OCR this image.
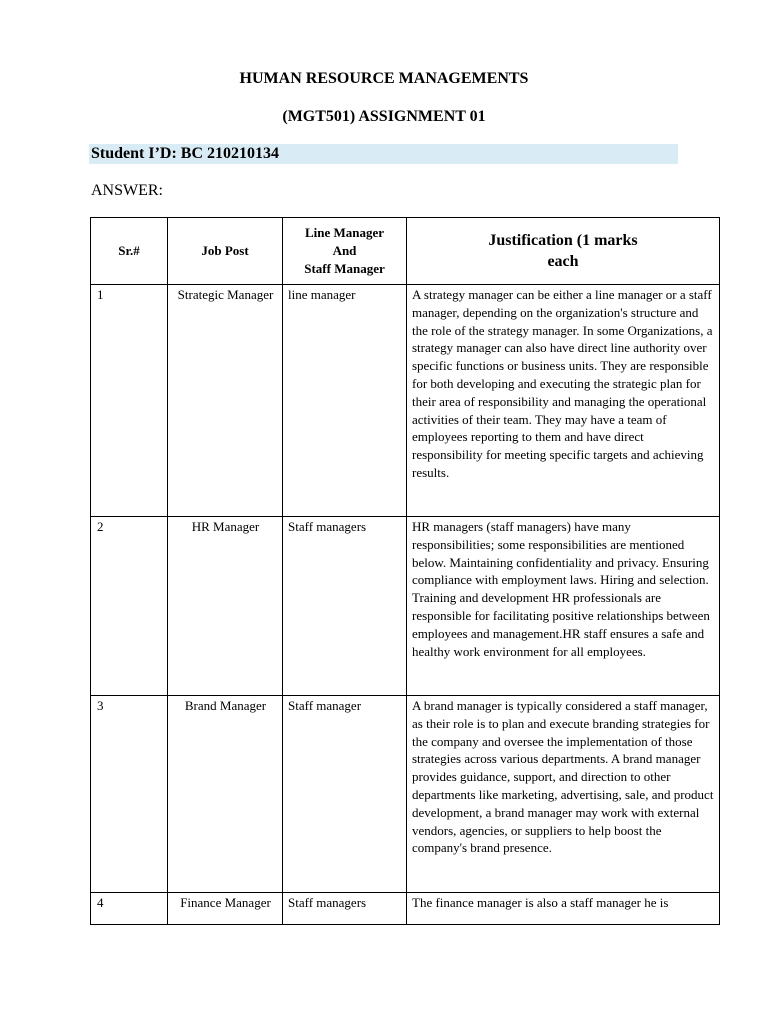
HUMAN RESOURCE MANAGEMENTS

(MGT501) ASSIGNMENT 01

Student I’D: BC 210210134
ANSWER:
Sr.#	Job Post	Line Manager
And
Staff Manager	Justification (1 marks
each
1	Strategic Manager	line manager	A strategy manager can be either a line manager or a staff manager, depending on the organization's structure and the role of the strategy manager. In some Organizations, a strategy manager can also have direct line authority over specific functions or business units. They are responsible for both developing and executing the strategic plan for their area of responsibility and managing the operational activities of their team. They may have a team of employees reporting to them and have direct responsibility for meeting specific targets and achieving results.

2	HR Manager	Staff managers	HR managers (staff managers) have many responsibilities; some responsibilities are mentioned below. Maintaining confidentiality and privacy. Ensuring compliance with employment laws. Hiring and selection. Training and development HR professionals are responsible for facilitating positive relationships between employees and management.HR staff ensures a safe and healthy work environment for all employees.

3	Brand Manager	Staff manager	A brand manager is typically considered a staff manager, as their role is to plan and execute branding strategies for the company and oversee the implementation of those strategies across various departments. A brand manager provides guidance, support, and direction to other departments like marketing, advertising, sale, and product development, a brand manager may work with external vendors, agencies, or suppliers to help boost the company's brand presence.

4	Finance Manager	Staff managers	The finance manager is also a staff manager he is
